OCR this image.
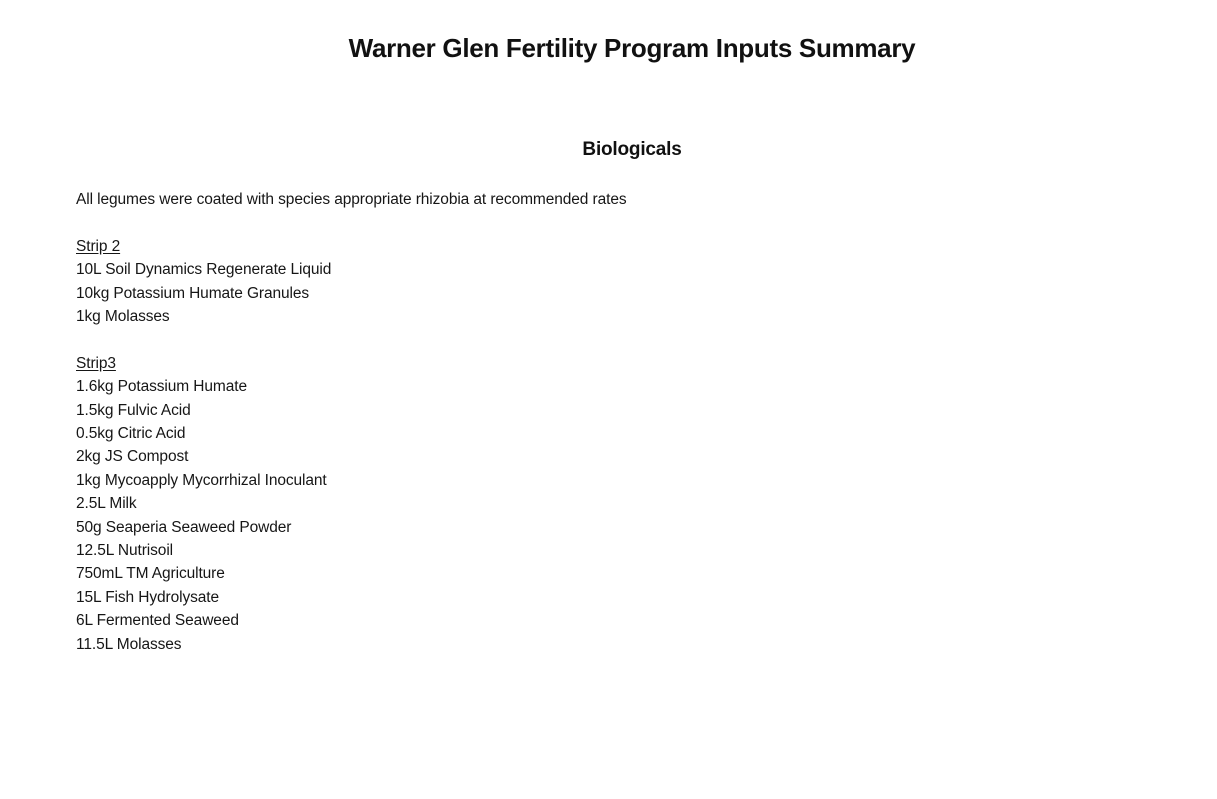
Warner Glen Fertility Program Inputs Summary
Biologicals

All legumes were coated with species appropriate rhizobia at recommended rates

Strip 2

10L Soil Dynamics Regenerate Liquid

10kg Potassium Humate Granules

1kg Molasses

Strip3

1.6kg Potassium Humate

1.5kg Fulvic Acid

0.5kg Citric Acid

2kg JS Compost

1kg Mycoapply Mycorrhizal Inoculant

2.5L Milk

50g Seaperia Seaweed Powder

12.5L Nutrisoil

750mL TM Agriculture

15L Fish Hydrolysate

6L Fermented Seaweed

11.5L Molasses
